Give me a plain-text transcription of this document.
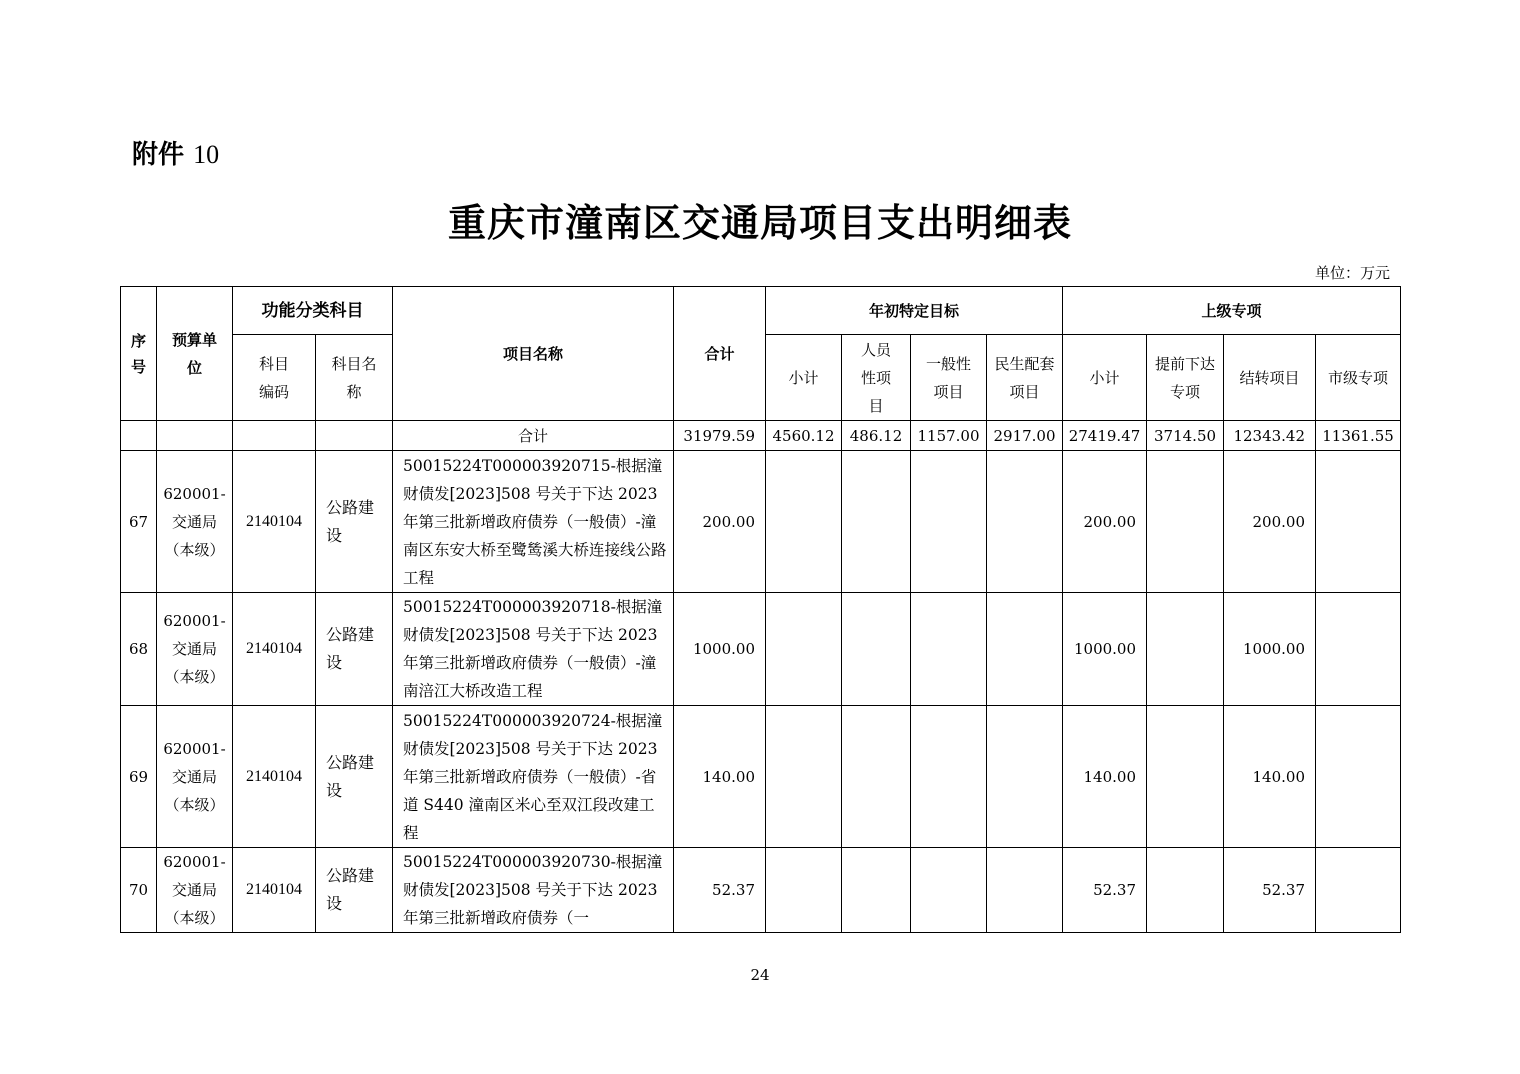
附件 10
重庆市潼南区交通局项目支出明细表
单位：万元
序号	预算单位	功能分类科目		项目名称	合计	年初特定目标				上级专项			

		科目编码	科目名称			小计	人员性项目	一般性项目	民生配套项目	小计	提前下达专项	结转项目	市级专项

				合计	31979.59	4560.12	486.12	1157.00	2917.00	27419.47	3714.50	12343.42	11361.55
67	620001-交通局（本级）	2140104	公路建设	50015224T000003920715-根据潼财债发[2023]508 号关于下达 2023 年第三批新增政府债券（一般债）-潼南区东安大桥至鹭鸶溪大桥连接线公路工程	200.00					200.00		200.00	
68	620001-交通局（本级）	2140104	公路建设	50015224T000003920718-根据潼财债发[2023]508 号关于下达 2023 年第三批新增政府债券（一般债）-潼南涪江大桥改造工程	1000.00					1000.00		1000.00	
69	620001-交通局（本级）	2140104	公路建设	50015224T000003920724-根据潼财债发[2023]508 号关于下达 2023 年第三批新增政府债券（一般债）-省道 S440 潼南区米心至双江段改建工程	140.00					140.00		140.00	
70	620001-交通局（本级）	2140104	公路建设	50015224T000003920730-根据潼财债发[2023]508 号关于下达 2023 年第三批新增政府债券（一	52.37					52.37		52.37	
24
